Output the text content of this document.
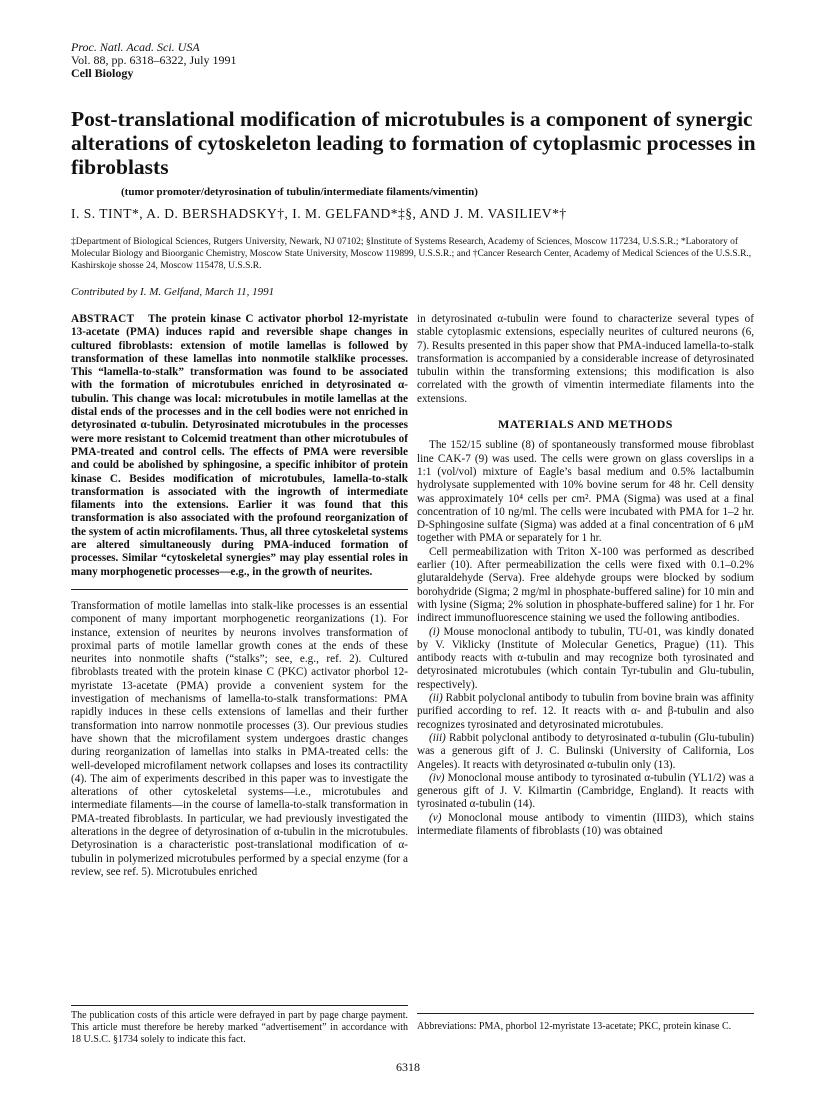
Proc. Natl. Acad. Sci. USA
Vol. 88, pp. 6318–6322, July 1991
Cell Biology
Post-translational modification of microtubules is a component of synergic alterations of cytoskeleton leading to formation of cytoplasmic processes in fibroblasts
(tumor promoter/detyrosination of tubulin/intermediate filaments/vimentin)
I. S. TINT*, A. D. BERSHADSKY†, I. M. GELFAND*‡§, AND J. M. VASILIEV*†
‡Department of Biological Sciences, Rutgers University, Newark, NJ 07102; §Institute of Systems Research, Academy of Sciences, Moscow 117234, U.S.S.R.; *Laboratory of Molecular Biology and Bioorganic Chemistry, Moscow State University, Moscow 119899, U.S.S.R.; and †Cancer Research Center, Academy of Medical Sciences of the U.S.S.R., Kashirskoje shosse 24, Moscow 115478, U.S.S.R.
Contributed by I. M. Gelfand, March 11, 1991

ABSTRACT The protein kinase C activator phorbol 12-myristate 13-acetate (PMA) induces rapid and reversible shape changes in cultured fibroblasts: extension of motile lamellas is followed by transformation of these lamellas into nonmotile stalklike processes. This “lamella-to-stalk” transformation was found to be associated with the formation of microtubules enriched in detyrosinated α-tubulin. This change was local: microtubules in motile lamellas at the distal ends of the processes and in the cell bodies were not enriched in detyrosinated α-tubulin. Detyrosinated microtubules in the processes were more resistant to Colcemid treatment than other microtubules of PMA-treated and control cells. The effects of PMA were reversible and could be abolished by sphingosine, a specific inhibitor of protein kinase C. Besides modification of microtubules, lamella-to-stalk transformation is associated with the ingrowth of intermediate filaments into the extensions. Earlier it was found that this transformation is also associated with the profound reorganization of the system of actin microfilaments. Thus, all three cytoskeletal systems are altered simultaneously during PMA-induced formation of processes. Similar “cytoskeletal synergies” may play essential roles in many morphogenetic processes—e.g., in the growth of neurites.

Transformation of motile lamellas into stalk-like processes is an essential component of many important morphogenetic reorganizations (1). For instance, extension of neurites by neurons involves transformation of proximal parts of motile lamellar growth cones at the ends of these neurites into nonmotile shafts (“stalks”; see, e.g., ref. 2). Cultured fibroblasts treated with the protein kinase C (PKC) activator phorbol 12-myristate 13-acetate (PMA) provide a convenient system for the investigation of mechanisms of lamella-to-stalk transformations: PMA rapidly induces in these cells extensions of lamellas and their further transformation into narrow nonmotile processes (3). Our previous studies have shown that the microfilament system undergoes drastic changes during reorganization of lamellas into stalks in PMA-treated cells: the well-developed microfilament network collapses and loses its contractility (4). The aim of experiments described in this paper was to investigate the alterations of other cytoskeletal systems—i.e., microtubules and intermediate filaments—in the course of lamella-to-stalk transformation in PMA-treated fibroblasts. In particular, we had previously investigated the alterations in the degree of detyrosination of α-tubulin in the microtubules. Detyrosination is a characteristic post-translational modification of α-tubulin in polymerized microtubules performed by a special enzyme (for a review, see ref. 5). Microtubules enriched

in detyrosinated α-tubulin were found to characterize several types of stable cytoplasmic extensions, especially neurites of cultured neurons (6, 7). Results presented in this paper show that PMA-induced lamella-to-stalk transformation is accompanied by a considerable increase of detyrosinated tubulin within the transforming extensions; this modification is also correlated with the growth of vimentin intermediate filaments into the extensions.

MATERIALS AND METHODS

The 152/15 subline (8) of spontaneously transformed mouse fibroblast line CAK-7 (9) was used. The cells were grown on glass coverslips in a 1:1 (vol/vol) mixture of Eagle’s basal medium and 0.5% lactalbumin hydrolysate supplemented with 10% bovine serum for 48 hr. Cell density was approximately 10⁴ cells per cm². PMA (Sigma) was used at a final concentration of 10 ng/ml. The cells were incubated with PMA for 1–2 hr. D-Sphingosine sulfate (Sigma) was added at a final concentration of 6 μM together with PMA or separately for 1 hr.

Cell permeabilization with Triton X-100 was performed as described earlier (10). After permeabilization the cells were fixed with 0.1–0.2% glutaraldehyde (Serva). Free aldehyde groups were blocked by sodium borohydride (Sigma; 2 mg/ml in phosphate-buffered saline) for 10 min and with lysine (Sigma; 2% solution in phosphate-buffered saline) for 1 hr. For indirect immunofluorescence staining we used the following antibodies.

(i) Mouse monoclonal antibody to tubulin, TU-01, was kindly donated by V. Viklicky (Institute of Molecular Genetics, Prague) (11). This antibody reacts with α-tubulin and may recognize both tyrosinated and detyrosinated microtubules (which contain Tyr-tubulin and Glu-tubulin, respectively).

(ii) Rabbit polyclonal antibody to tubulin from bovine brain was affinity purified according to ref. 12. It reacts with α- and β-tubulin and also recognizes tyrosinated and detyrosinated microtubules.

(iii) Rabbit polyclonal antibody to detyrosinated α-tubulin (Glu-tubulin) was a generous gift of J. C. Bulinski (University of California, Los Angeles). It reacts with detyrosinated α-tubulin only (13).

(iv) Monoclonal mouse antibody to tyrosinated α-tubulin (YL1/2) was a generous gift of J. V. Kilmartin (Cambridge, England). It reacts with tyrosinated α-tubulin (14).

(v) Monoclonal mouse antibody to vimentin (IIID3), which stains intermediate filaments of fibroblasts (10) was obtained

The publication costs of this article were defrayed in part by page charge payment. This article must therefore be hereby marked “advertisement” in accordance with 18 U.S.C. §1734 solely to indicate this fact.
Abbreviations: PMA, phorbol 12-myristate 13-acetate; PKC, protein kinase C.
6318
